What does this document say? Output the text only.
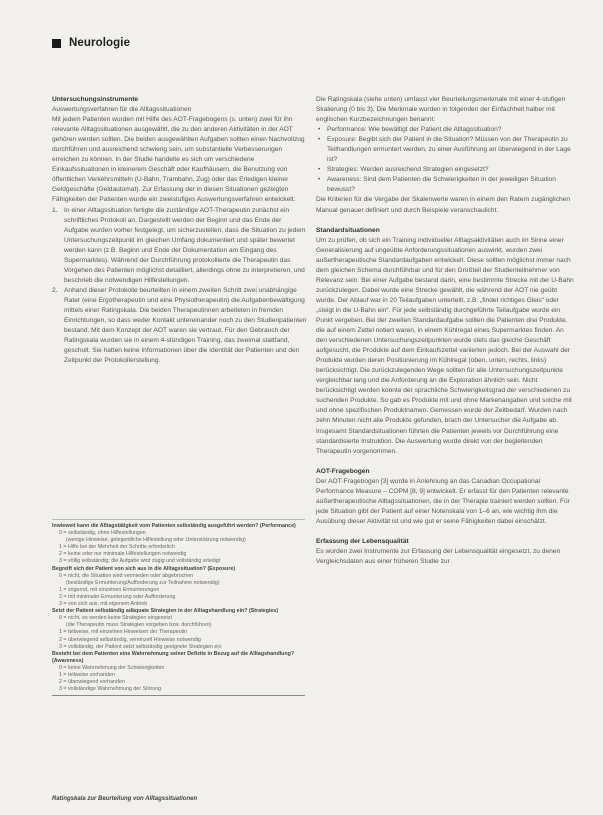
Neurologie

Untersuchungsinstrumente

Auswertungsverfahren für die Alltagssituationen

Mit jedem Patienten wurden mit Hilfe des AOT-Fragebogens (s. unten) zwei für ihn relevante Alltagssituationen ausgewählt, die zu den anderen Aktivitäten in der AOT gehören werden sollten. Die beiden ausgewählten Aufgaben sollten einen Nachvollzug durchführen und ausreichend schwierig sein, um substantielle Verbesserungen erreichen zu können. In der Studie handelte es sich um verschiedene Einkaufssituationen in kleinerem Geschäft oder Kaufhäusern, die Benutzung von öffentlichen Verkehrsmitteln (U-Bahn, Trambahn, Zug) oder das Erledigen kleiner Geldgeschäfte (Geldautomat). Zur Erfassung der in diesen Situationen gezeigten Fähigkeiten der Patienten wurde ein zweistufiges Auswertungsverfahren entwickelt:

1. In einer Alltagssituation fertigte die zuständige AOT-Therapeutin zunächst ein schriftliches Protokoll an. Dargestellt werden der Beginn und das Ende der Aufgabe wurden vorher festgelegt, um sicherzustellen, dass die Situation zu jedem Untersuchungszeitpunkt im gleichen Umfang dokumentiert und später bewertet werden kann (z.B. Beginn und Ende der Dokumentation am Eingang des Supermarktes). Während der Durchführung protokollierte die Therapeutin das Vorgehen des Patienten möglichst detailliert, allerdings ohne zu interpretieren, und beschrieb die notwendigen Hilfestellungen.
2. Anhand dieser Protokolle beurteilten in einem zweiten Schritt zwei unabhängige Rater (eine Ergotherapeutin und eine Physiotherapeutin) die Aufgabenbewältigung mittels einer Ratingskala. Die beiden Therapeutinnen arbeiteten in fremden Einrichtungen, so dass weder Kontakt untereinander noch zu den Studienpatienten bestand. Mit dem Konzept der AOT waren sie vertraut. Für den Gebrauch der Ratingskala wurden sie in einem 4-stündigen Training, das zweimal stattfand, geschult. Sie hatten keine Informationen über die Identität der Patienten und den Zeitpunkt der Protokollerstellung.
Inwieweit kann die Alltagstätigkeit vom Patienten selbständig ausgeführt werden? (Performance)
0 = selbständig, ohne Hilfestellungen
(wenige Hinweise, gelegentliche Hilfestellung oder Unterstützung notwendig)
1 = Hilfe bei der Mehrheit der Schritte erforderlich
2 = keine oder nur minimale Hilfestellungen notwendig
3 = völlig selbständig; die Aufgabe wird zügig und vollständig erledigt
Begreift sich der Patient von sich aus in die Alltagssituation? (Exposure)
0 = nicht, die Situation wird vermieden oder abgebrochen
(beständige Ermunterung/Aufforderung zur Teilnahme notwendig)
1 = zögernd, mit einzelnen Ermunterungen
2 = mit minimaler Ermunterung oder Aufforderung
3 = von sich aus, mit eigenem Antrieb
Setzt der Patient selbständig adäquate Strategien in der Alltagshandlung ein? (Strategies)
0 = nicht, es werden keine Strategien eingesetzt
(die Therapeutin muss Strategien vorgeben bzw. durchführen)
1 = teilweise, mit einzelnen Hinweisen der Therapeutin
2 = überwiegend selbständig, vereinzelt Hinweise notwendig
3 = vollständig, der Patient setzt selbständig geeignete Strategien ein
Besteht bei dem Patienten eine Wahrnehmung seiner Defizite in Bezug auf die Alltagshandlung? (Awareness)
0 = keine Wahrnehmung der Schwierigkeiten
1 = teilweise vorhanden
2 = überwiegend vorhanden
3 = vollständige Wahrnehmung der Störung
Ratingskala zur Beurteilung von Alltagssituationen

Die Ratingskala (siehe unten) umfasst vier Beurteilungsmerkmale mit einer 4-stufigen Skalierung (0 bis 3). Die Merkmale wurden in folgenden der Einfachheit halber mit englischen Kurzbezeichnungen benannt:

• Performance: Wie bewältigt der Patient die Alltagssituation?
• Exposure: Begibt sich der Patient in die Situation? Müssen von der Therapeutin zu Teilhandlungen ermuntert werden, zu einer Ausführung an überwiegend in der Lage ist?
• Strategies: Werden ausreichend Strategien eingesetzt?
• Awareness: Sind dem Patienten die Schwierigkeiten in der jeweiligen Situation bewusst?

Die Kriterien für die Vergabe der Skalenwerte waren in einem den Ratern zugänglichen Manual genauer definiert und durch Beispiele veranschaulicht.

Standardsituationen

Um zu prüfen, ob sich ein Training individueller Alltagsaktivitäten auch im Sinne einer Generalisierung auf ungeübte Anforderungssituationen auswirkt, wurden zwei außertherapeutische Standardaufgaben entwickelt. Diese sollten möglichst immer nach dem gleichen Schema durchführbar und für den Großteil der Studienteilnehmer von Relevanz sein. Bei einer Aufgabe bestand darin, eine bestimmte Strecke mit der U-Bahn zurückzulegen. Dabei wurde eine Strecke gewählt, die während der AOT nie geübt wurde. Der Ablauf war in 20 Teilaufgaben unterteilt, z.B. „findet richtiges Gleis“ oder „steigt in die U-Bahn ein“. Für jede selbständig durchgeführte Teilaufgabe wurde ein Punkt vergeben. Bei der zweiten Standardaufgabe sollten die Patienten drei Produkte, die auf einem Zettel notiert waren, in einem Kühlregal eines Supermarktes finden. An den verschiedenen Untersuchungszeitpunkten wurde stets das gleiche Geschäft aufgesucht, die Produkte auf dem Einkaufszettel variierten jedoch. Bei der Auswahl der Produkte wurden deren Positionierung im Kühlregal (oben, unten, rechts, links) berücksichtigt. Die zurückzulegenden Wege sollten für alle Untersuchungszeitpunkte vergleichbar lang und die Anforderung an die Exploration ähnlich sein. Nicht berücksichtigt werden konnte der sprachliche Schwierigkeitsgrad der verschiedenen zu suchenden Produkte. So gab es Produkte mit und ohne Markenangaben und solche mit und ohne spezifischen Produktnamen. Gemessen wurde der Zeitbedarf. Wurden nach zehn Minuten nicht alle Produkte gefunden, brach der Untersucher die Aufgabe ab. Insgesamt Standardsituationen führten die Patienten jeweils vor Durchführung eine standardisierte Instruktion. Die Auswertung wurde direkt von der begleitenden Therapeutin vorgenommen.

AOT-Fragebogen

Der AOT-Fragebogen [3] wurde in Anlehnung an das Canadian Occupational Performance Measure – COPM [8, 9] entwickelt. Er erfasst für den Patienten relevante außertherapeutische Alltagssituationen, die in der Therapie trainiert werden sollten. Für jede Situation gibt der Patient auf einer Notenskala von 1–6 an, wie wichtig ihm die Ausübung dieser Aktivität ist und wie gut er seine Fähigkeiten dabei einschätzt.

Erfassung der Lebensqualität

Es wurden zwei Instrumente zur Erfassung der Lebensqualität eingesetzt, zu denen Vergleichsdaten aus einer früheren Studie zur
